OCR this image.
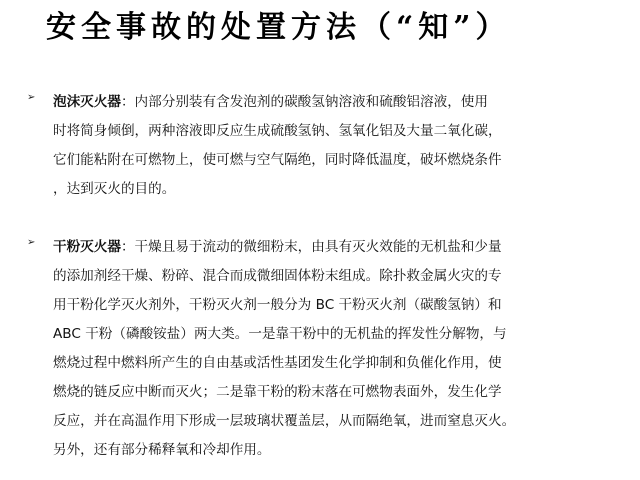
安全事故的处置方法（“知”）
➢ 泡沫灭火器：内部分别装有含发泡剂的碳酸氢钠溶液和硫酸铝溶液，使用
时将简身倾倒，两种溶液即反应生成硫酸氢钠、氢氧化铝及大量二氧化碳，
它们能粘附在可燃物上，使可燃与空气隔绝，同时降低温度，破坏燃烧条件
，达到灭火的目的。
➢ 干粉灭火器：干燥且易于流动的微细粉末，由具有灭火效能的无机盐和少量
的添加剂经干燥、粉碎、混合而成微细固体粉末组成。除扑救金属火灾的专
用干粉化学灭火剂外，干粉灭火剂一般分为 BC 干粉灭火剂（碳酸氢钠）和
ABC 干粉（磷酸铵盐）两大类。一是靠干粉中的无机盐的挥发性分解物，与
燃烧过程中燃料所产生的自由基或活性基团发生化学抑制和负催化作用，使
燃烧的链反应中断而灭火；二是靠干粉的粉末落在可燃物表面外，发生化学
反应，并在高温作用下形成一层玻璃状覆盖层，从而隔绝氧，进而窒息灭火。
另外，还有部分稀释氧和冷却作用。
